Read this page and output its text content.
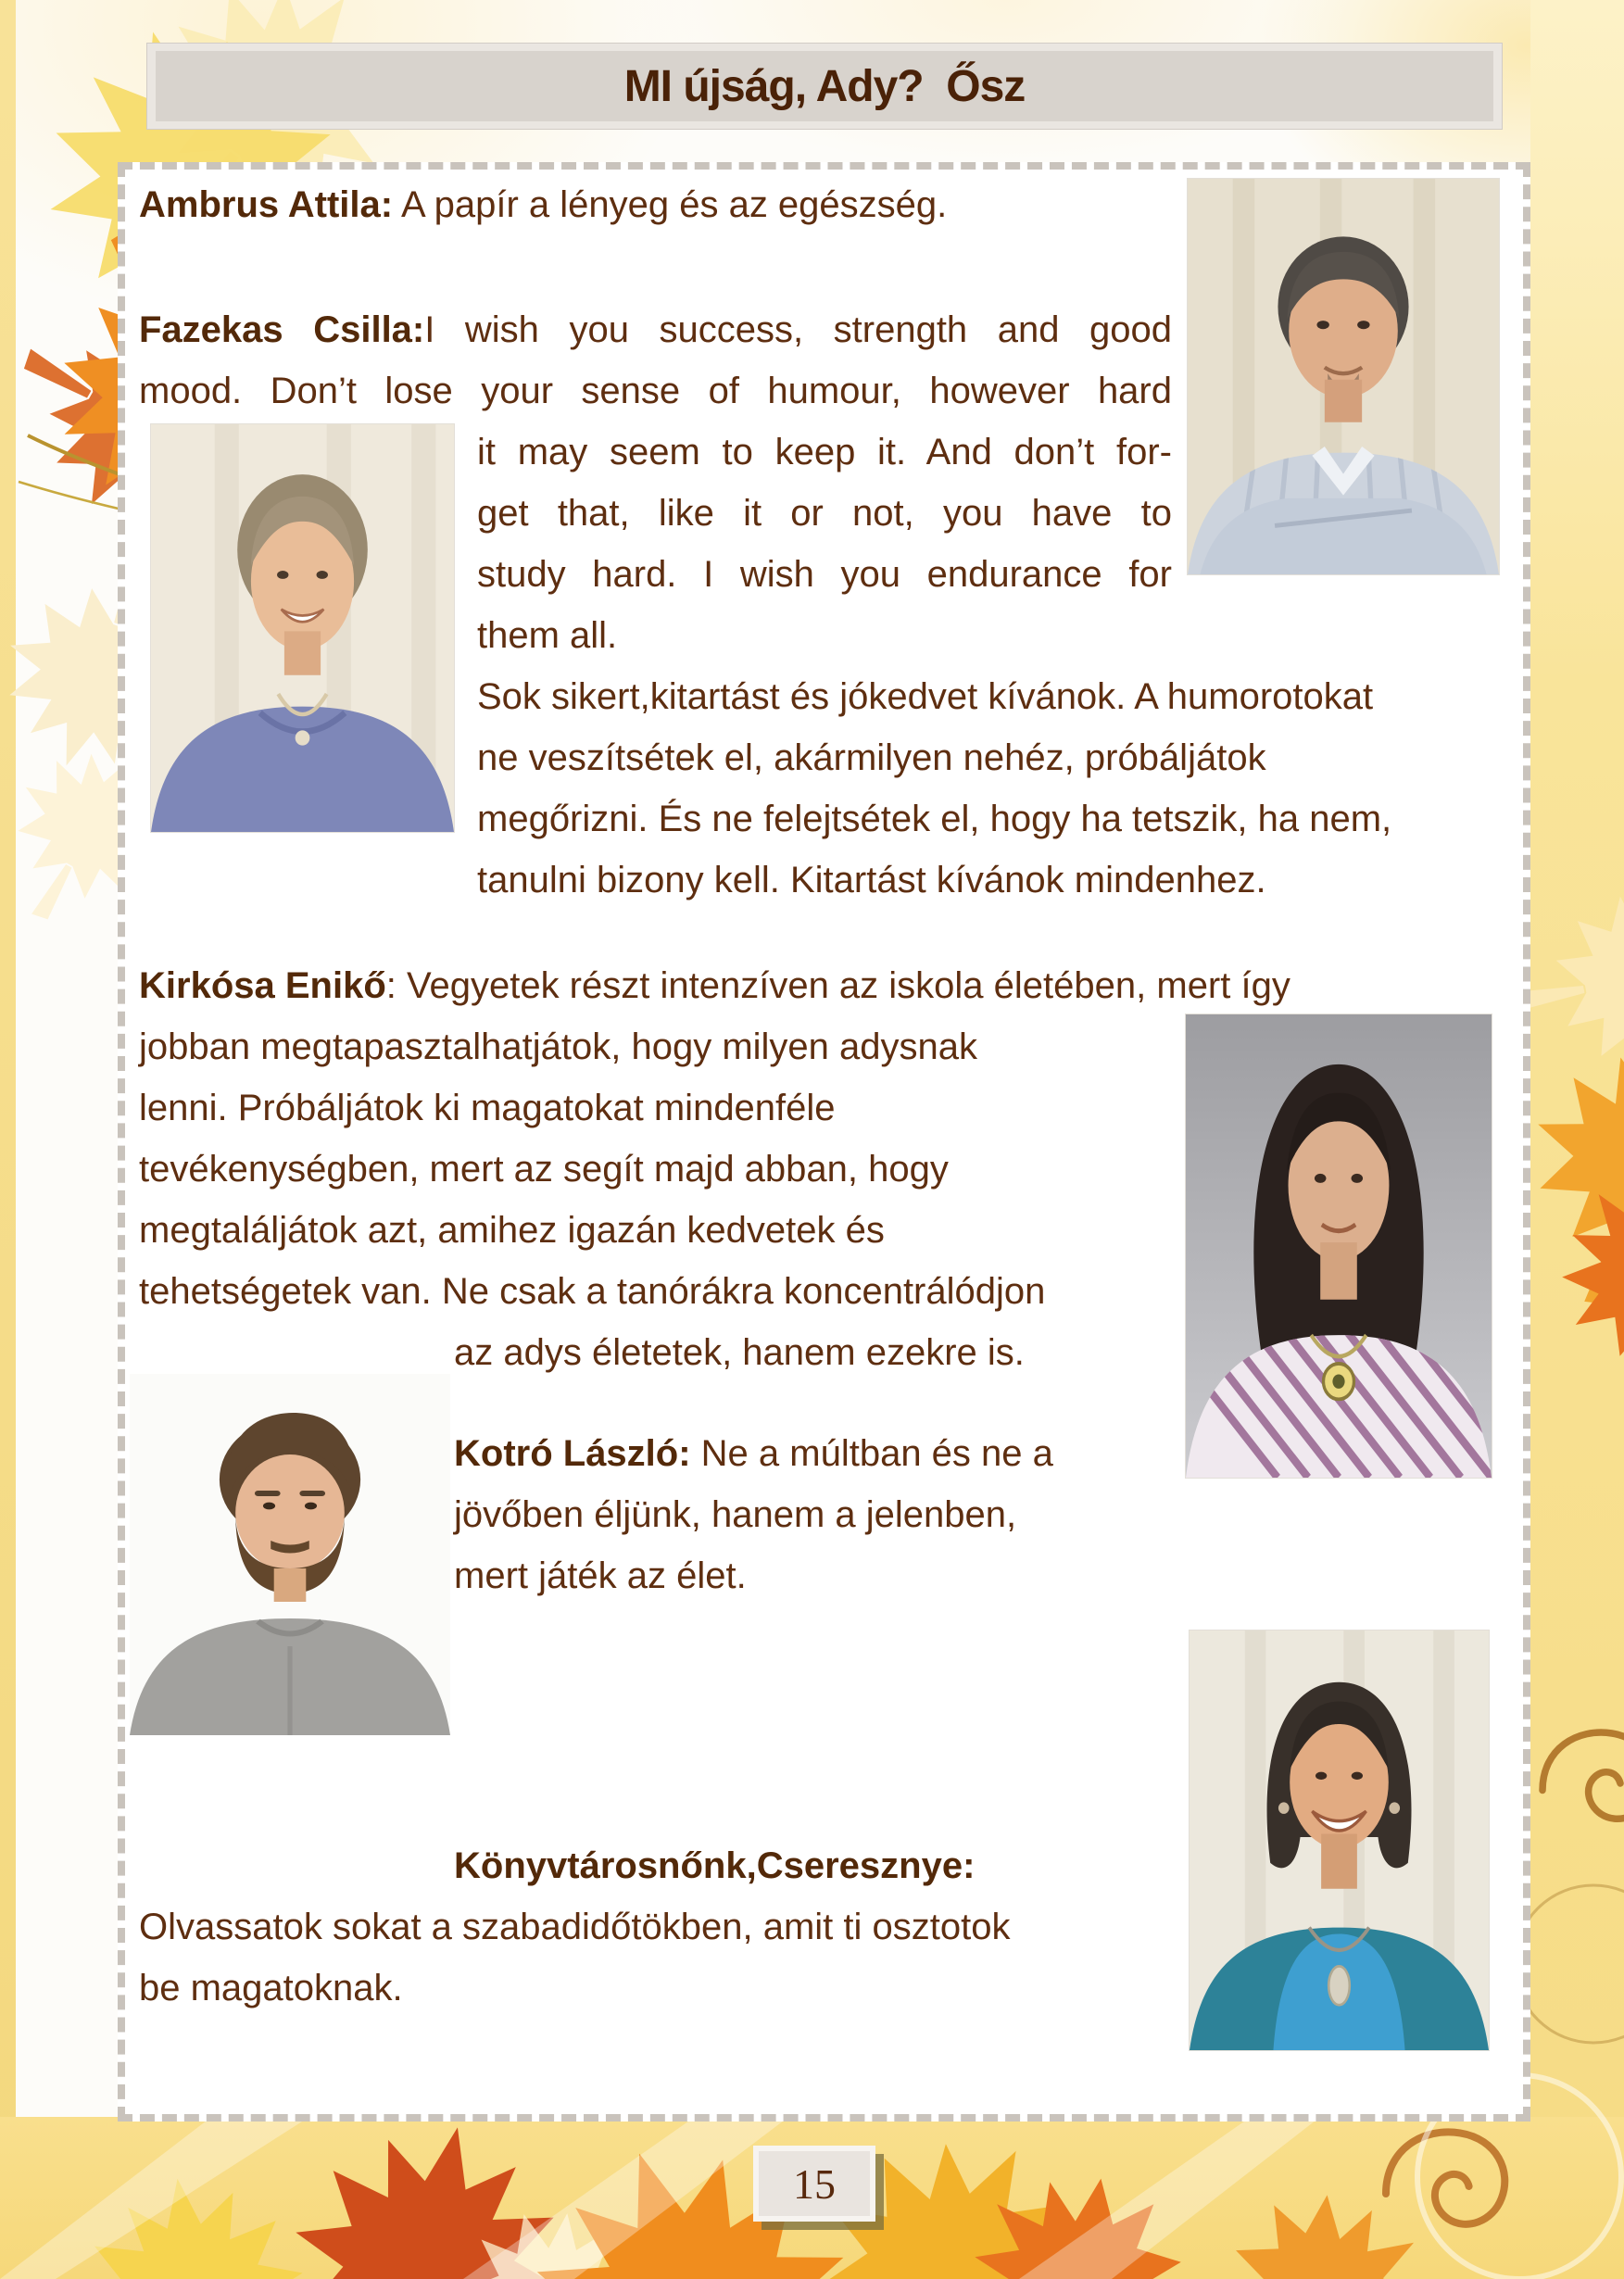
MI újság, Ady?  Ősz
Ambrus Attila: A papír a lényeg és az egészség.
Fazekas Csilla:I wish you success, strength and good
mood. Don’t lose your sense of humour, however hard
it may seem to keep it. And don’t for-
get that, like it or not, you have to
study hard. I wish you endurance for
them all.
Sok sikert,kitartást és jókedvet kívánok. A humorotokat
ne veszítsétek el, akármilyen nehéz, próbáljátok
megőrizni. És ne felejtsétek el, hogy ha tetszik, ha nem,
tanulni bizony kell. Kitartást kívánok mindenhez.
Kirkósa Enikő: Vegyetek részt intenzíven az iskola életében, mert így
jobban megtapasztalhatjátok, hogy milyen adysnak
lenni. Próbáljátok ki magatokat mindenféle
tevékenységben, mert az segít majd abban, hogy
megtaláljátok azt, amihez igazán kedvetek és
tehetségetek van. Ne csak a tanórákra koncentrálódjon
az adys életetek, hanem ezekre is.
Kotró László: Ne a múltban és ne a
jövőben éljünk, hanem a jelenben,
mert játék az élet.
Könyvtárosnőnk,Cseresznye:
Olvassatok sokat a szabadidőtökben, amit ti osztotok
be magatoknak.
15
